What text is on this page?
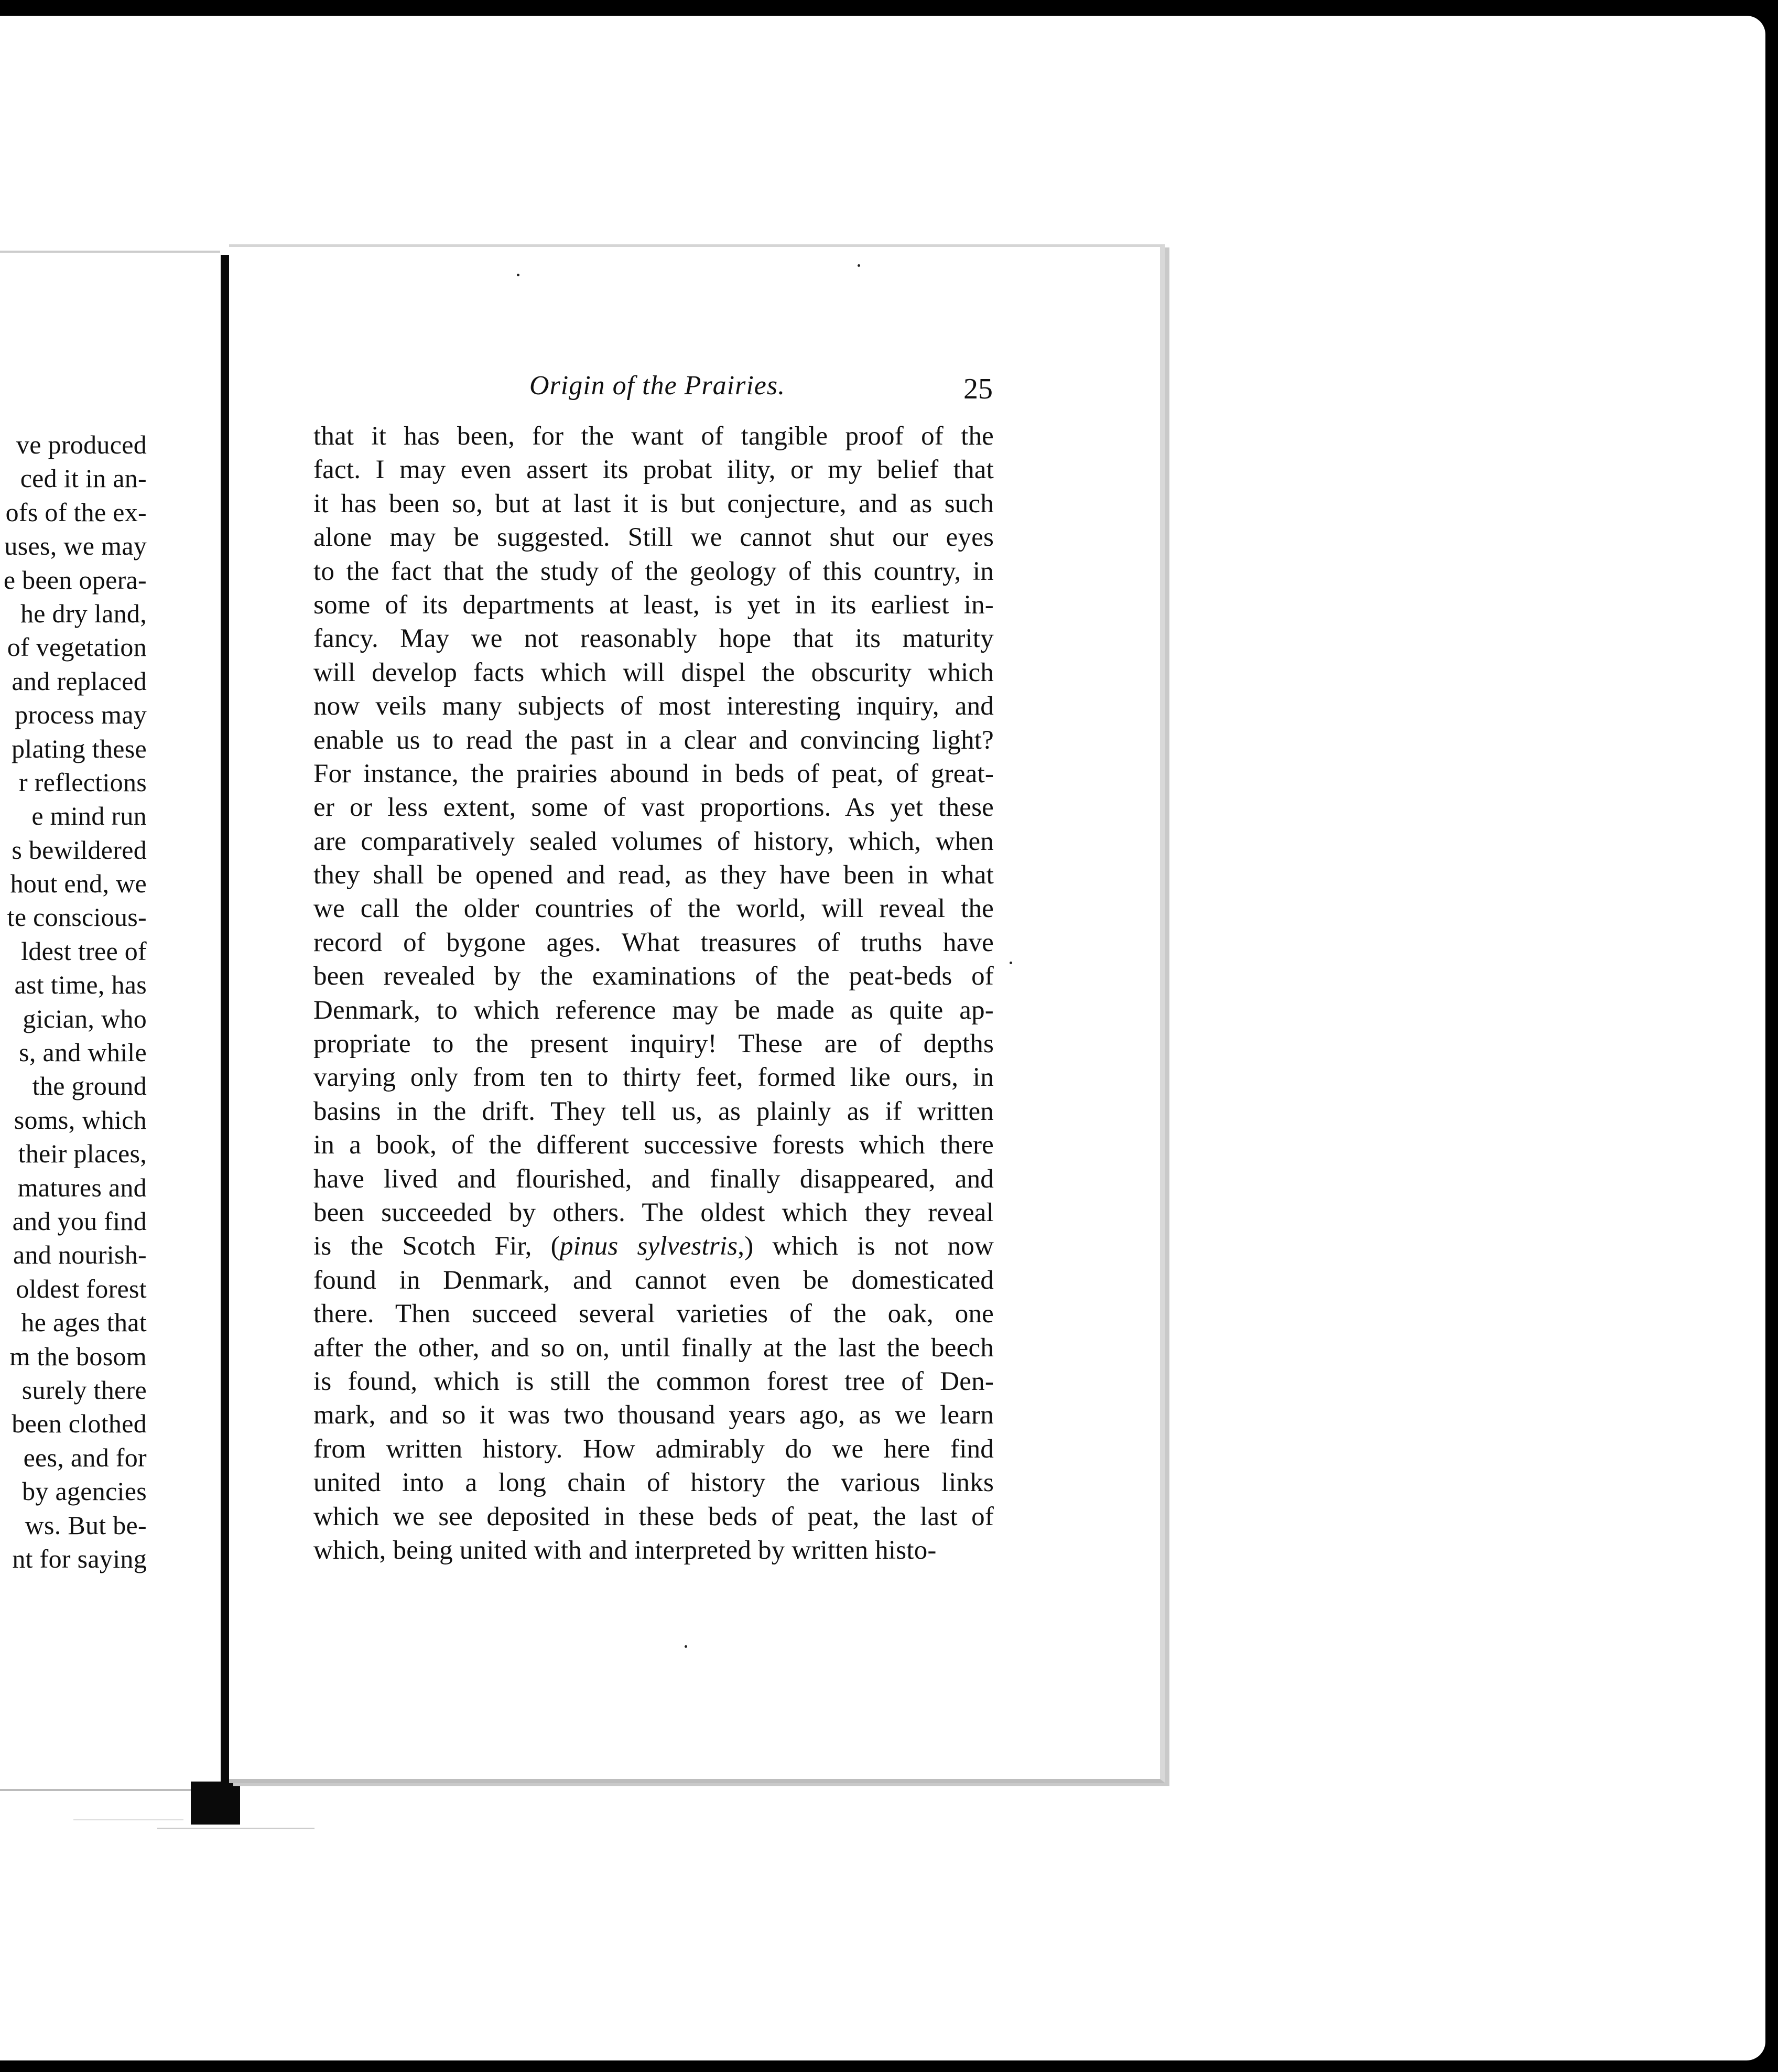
ve produced
ced it in an-
ofs of the ex-
uses, we may
e been opera-
he dry land,
of vegetation
and replaced
process may
plating these
r reflections
e mind run
s bewildered
hout end, we
te conscious-
ldest tree of
ast time, has
gician, who
s, and while
the ground
soms, which
their places,
matures and
and you find
and nourish-
oldest forest
he ages that
m the bosom
surely there
been clothed
ees, and for
by agencies
ws. But be-
nt for saying
Origin of the Prairies.	25
that it has been, for the want of tangible proof of the
fact. I may even assert its probat ility, or my belief that
it has been so, but at last it is but conjecture, and as such
alone may be suggested. Still we cannot shut our eyes
to the fact that the study of the geology of this country, in
some of its departments at least, is yet in its earliest in-
fancy. May we not reasonably hope that its maturity
will develop facts which will dispel the obscurity which
now veils many subjects of most interesting inquiry, and
enable us to read the past in a clear and convincing light?
For instance, the prairies abound in beds of peat, of great-
er or less extent, some of vast proportions. As yet these
are comparatively sealed volumes of history, which, when
they shall be opened and read, as they have been in what
we call the older countries of the world, will reveal the
record of bygone ages. What treasures of truths have
been revealed by the examinations of the peat-beds of
Denmark, to which reference may be made as quite ap-
propriate to the present inquiry! These are of depths
varying only from ten to thirty feet, formed like ours, in
basins in the drift. They tell us, as plainly as if written
in a book, of the different successive forests which there
have lived and flourished, and finally disappeared, and
been succeeded by others. The oldest which they reveal
is the Scotch Fir, (pinus sylvestris,) which is not now
found in Denmark, and cannot even be domesticated
there. Then succeed several varieties of the oak, one
after the other, and so on, until finally at the last the beech
is found, which is still the common forest tree of Den-
mark, and so it was two thousand years ago, as we learn
from written history. How admirably do we here find
united into a long chain of history the various links
which we see deposited in these beds of peat, the last of
which, being united with and interpreted by written histo-
